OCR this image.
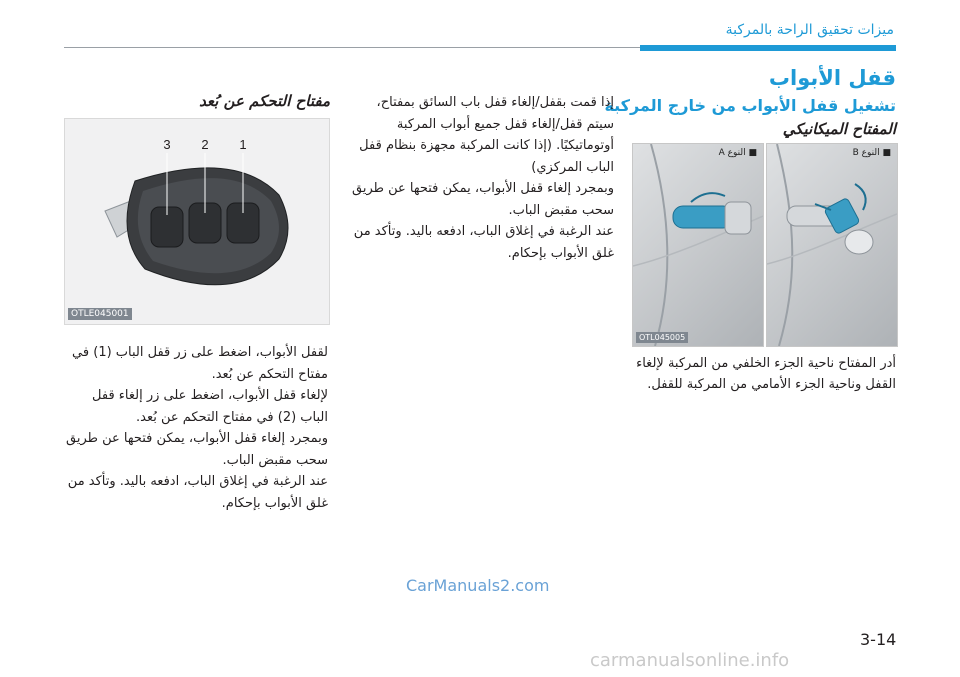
ميزات تحقيق الراحة بالمركبة
قفل الأبواب
تشغيل قفل الأبواب من خارج المركبة
المفتاح الميكانيكي
■ النوع B
■ النوع A
OTL045005
أدر المفتاح ناحية الجزء الخلفي من المركبة لإلغاء القفل وناحية الجزء الأمامي من المركبة للقفل.

إذا قمت بقفل/إلغاء قفل باب السائق بمفتاح، سيتم قفل/إلغاء قفل جميع أبواب المركبة أوتوماتيكيًا. (إذا كانت المركبة مجهزة بنظام قفل الباب المركزي)

وبمجرد إلغاء قفل الأبواب، يمكن فتحها عن طريق سحب مقبض الباب.

عند الرغبة في إغلاق الباب، ادفعه باليد. وتأكد من غلق الأبواب بإحكام.

مفتاح التحكم عن بُعد
3 2 1
OTLE045001

لقفل الأبواب، اضغط على زر قفل الباب (1) في مفتاح التحكم عن بُعد.

لإلغاء قفل الأبواب، اضغط على زر إلغاء قفل الباب (2) في مفتاح التحكم عن بُعد.

وبمجرد إلغاء قفل الأبواب، يمكن فتحها عن طريق سحب مقبض الباب.

عند الرغبة في إغلاق الباب، ادفعه باليد. وتأكد من غلق الأبواب بإحكام.

CarManuals2.com
3-14
carmanualsonline.info
